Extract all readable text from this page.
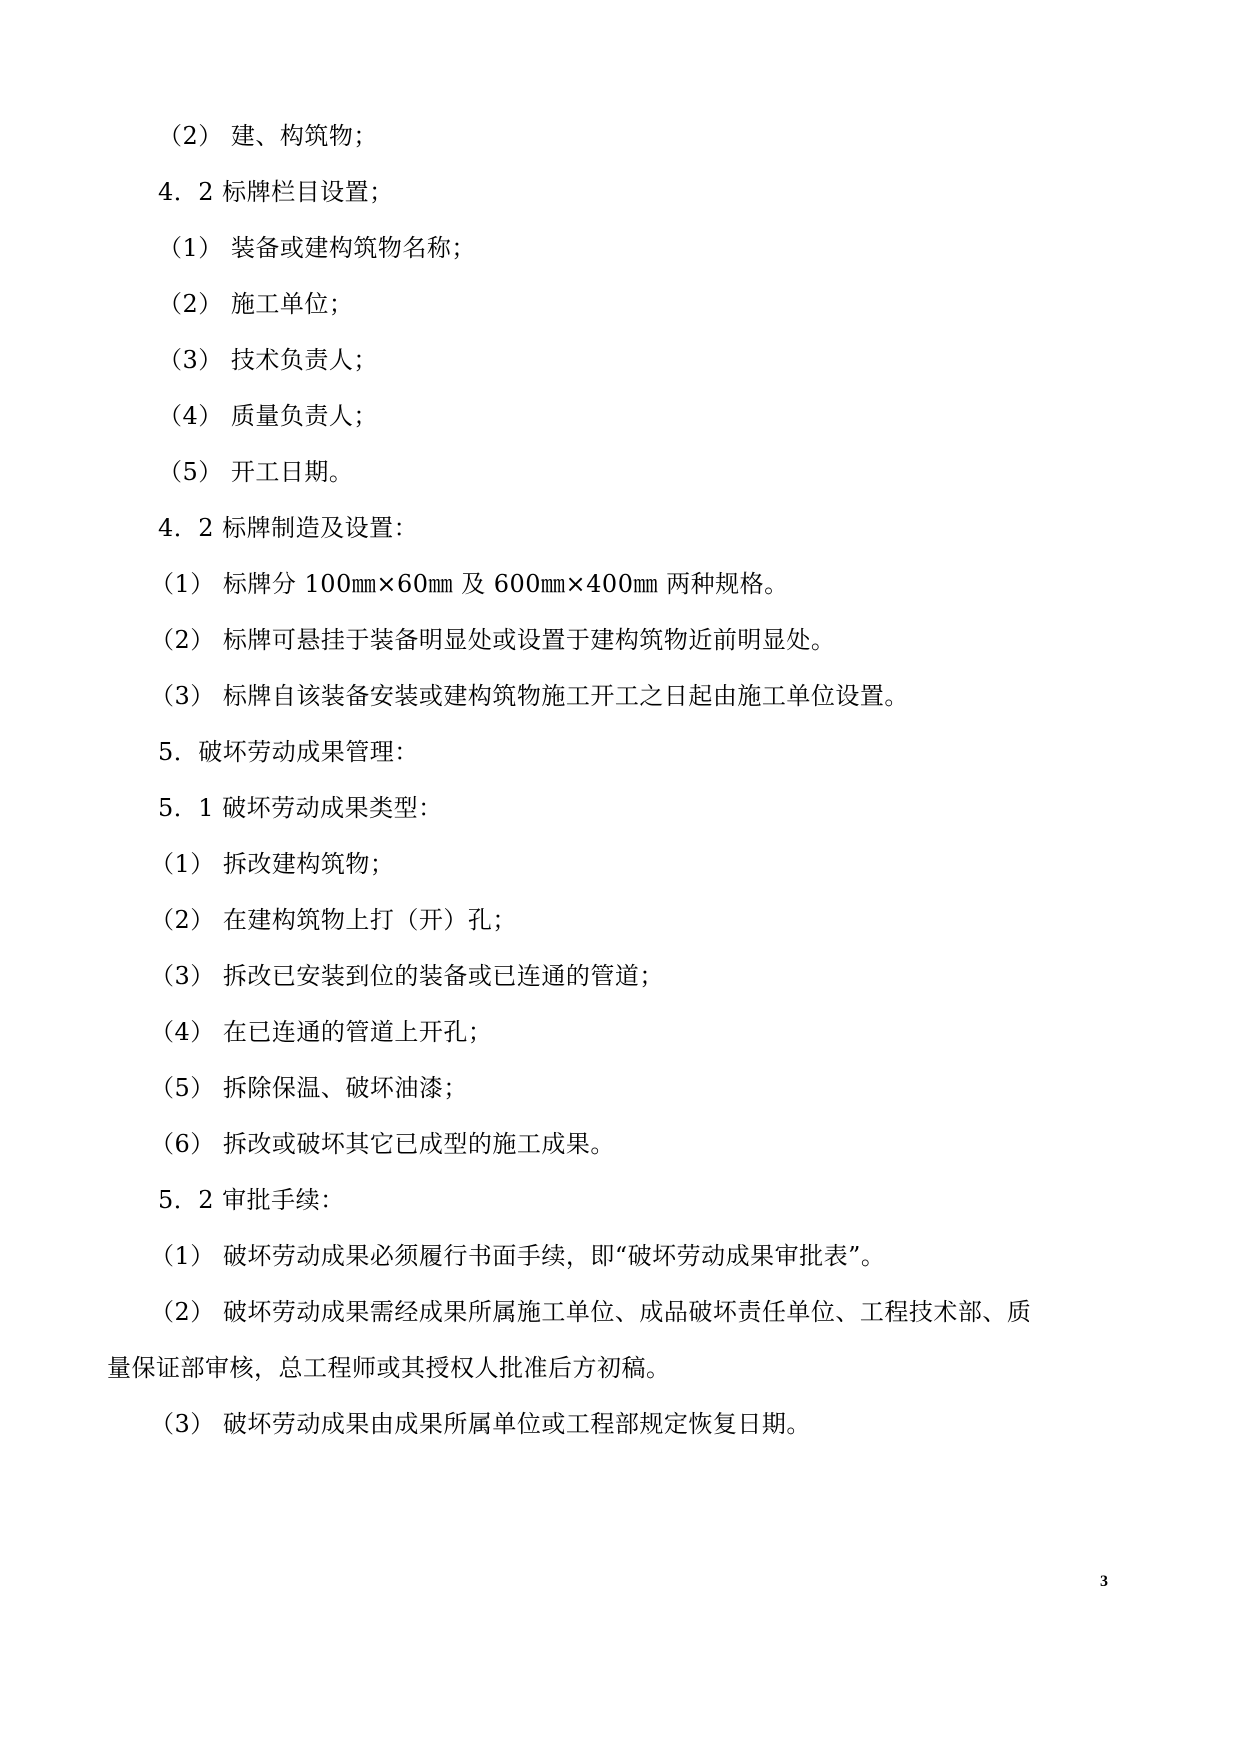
（2） 建、构筑物；
4．2 标牌栏目设置；
（1） 装备或建构筑物名称；
（2） 施工单位；
（3） 技术负责人；
（4） 质量负责人；
（5） 开工日期。
4．2 标牌制造及设置：
（1） 标牌分 100㎜×60㎜ 及 600㎜×400㎜ 两种规格。
（2） 标牌可悬挂于装备明显处或设置于建构筑物近前明显处。
（3） 标牌自该装备安装或建构筑物施工开工之日起由施工单位设置。
5．破坏劳动成果管理：
5．1 破坏劳动成果类型：
（1） 拆改建构筑物；
（2） 在建构筑物上打（开）孔；
（3） 拆改已安装到位的装备或已连通的管道；
（4） 在已连通的管道上开孔；
（5） 拆除保温、破坏油漆；
（6） 拆改或破坏其它已成型的施工成果。
5．2 审批手续：
（1） 破坏劳动成果必须履行书面手续，即“破坏劳动成果审批表”。
（2） 破坏劳动成果需经成果所属施工单位、成品破坏责任单位、工程技术部、质
量保证部审核，总工程师或其授权人批准后方初稿。
（3） 破坏劳动成果由成果所属单位或工程部规定恢复日期。
3
